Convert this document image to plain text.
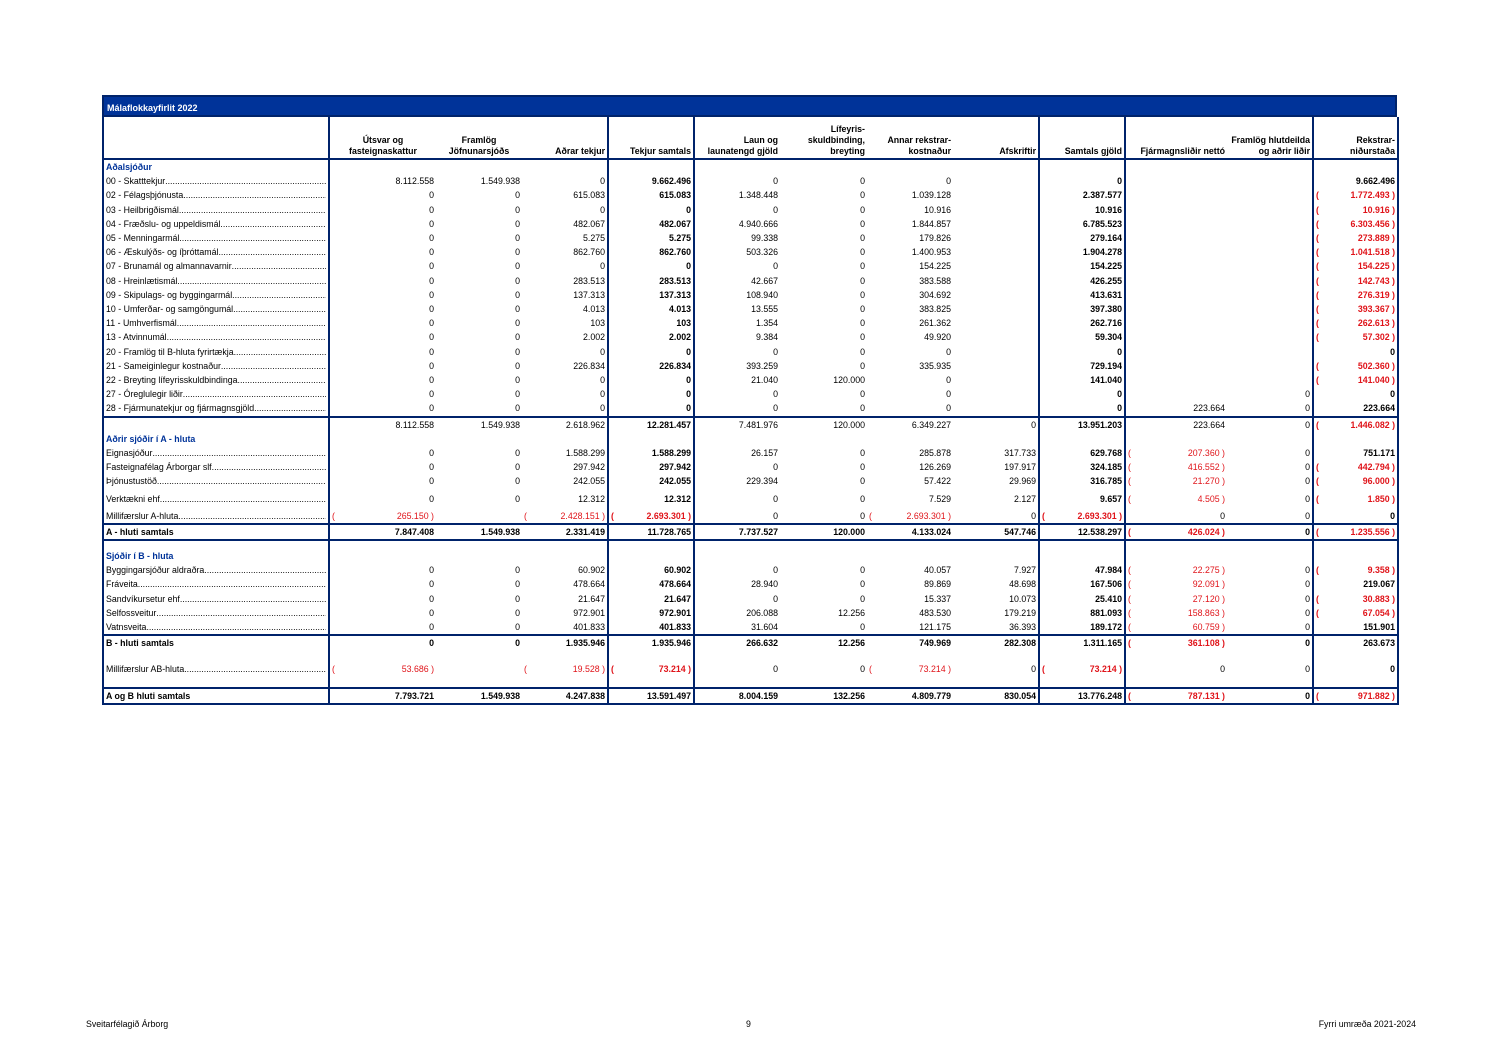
Málaflokkayfirlit 2022
	Útsvar og fasteignaskattur	Framlög Jöfnunarsjóðs	Aðrar tekjur	Tekjur samtals	Laun og launatengd gjöld	Lífeyris- skuldbinding, breyting	Annar rekstrar- kostnaður	Afskriftir	Samtals gjöld	Fjármagnsliðir nettó	Framlög hlutdeilda og aðrir liðir	Rekstrar- niðurstaða
Aðalsjóður												

00 - Skatttekjur
.....	8.112.558	1.549.938	0	9.662.496	0	0	0		0			9.662.496

02 - Félagsþjónusta
.....	0	0	615.083	615.083	1.348.448	0	1.039.128		2.387.577			( 1.772.493 )

03 - Heilbrigðismál
.....	0	0	0	0	0	0	10.916		10.916			( 10.916 )

04 - Fræðslu- og uppeldismál
.....	0	0	482.067	482.067	4.940.666	0	1.844.857		6.785.523			( 6.303.456 )

05 - Menningarmál
.....	0	0	5.275	5.275	99.338	0	179.826		279.164			( 273.889 )

06 - Æskulýðs- og íþróttamál
.....	0	0	862.760	862.760	503.326	0	1.400.953		1.904.278			( 1.041.518 )

07 - Brunamál og almannavarnir
.....	0	0	0	0	0	0	154.225		154.225			( 154.225 )

08 - Hreinlætismál
.....	0	0	283.513	283.513	42.667	0	383.588		426.255			( 142.743 )

09 - Skipulags- og byggingarmál
.....	0	0	137.313	137.313	108.940	0	304.692		413.631			( 276.319 )

10 - Umferðar- og samgöngumál
.....	0	0	4.013	4.013	13.555	0	383.825		397.380			( 393.367 )

11 - Umhverfismál
.....	0	0	103	103	1.354	0	261.362		262.716			( 262.613 )

13 - Atvinnumál
.....	0	0	2.002	2.002	9.384	0	49.920		59.304			( 57.302 )

20 - Framlög til B-hluta fyrirtækja
.....	0	0	0	0	0	0	0		0			0

21 - Sameiginlegur kostnaður
.....	0	0	226.834	226.834	393.259	0	335.935		729.194			( 502.360 )

22 - Breyting lífeyrisskuldbindinga
.....	0	0	0	0	21.040	120.000	0		141.040			( 141.040 )

27 - Óreglulegir liðir
.....	0	0	0	0	0	0	0		0		0	0

28 - Fjármunatekjur og fjármagnsgjöld
.....	0	0	0	0	0	0	0		0	223.664	0	223.664
	8.112.558	1.549.938	2.618.962	12.281.457	7.481.976	120.000	6.349.227	0	13.951.203	223.664	0	( 1.446.082 )

Aðrir sjóðir í A - hluta												

Eignasjóður
.....	0	0	1.588.299	1.588.299	26.157	0	285.878	317.733	629.768	( 207.360 )	0	751.171

Fasteignafélag Árborgar slf.
.....	0	0	297.942	297.942	0	0	126.269	197.917	324.185	( 416.552 )	0	( 442.794 )

Þjónustustöð
.....	0	0	242.055	242.055	229.394	0	57.422	29.969	316.785	( 21.270 )	0	( 96.000 )

Verktækni ehf
.....	0	0	12.312	12.312	0	0	7.529	2.127	9.657	( 4.505 )	0	( 1.850 )

Millifærslur A-hluta
.....	( 265.150 )		( 2.428.151 )	( 2.693.301 )	0	0	( 2.693.301 )	0	( 2.693.301 )	0	0	0
A - hluti samtals	7.847.408	1.549.938	2.331.419	11.728.765	7.737.527	120.000	4.133.024	547.746	12.538.297	( 426.024 )	0	( 1.235.556 )

Sjóðir í B - hluta												

Byggingarsjóður aldraðra
.....	0	0	60.902	60.902	0	0	40.057	7.927	47.984	( 22.275 )	0	( 9.358 )

Fráveita
.....	0	0	478.664	478.664	28.940	0	89.869	48.698	167.506	( 92.091 )	0	219.067

Sandvíkursetur ehf.
.....	0	0	21.647	21.647	0	0	15.337	10.073	25.410	( 27.120 )	0	( 30.883 )

Selfossveitur
.....	0	0	972.901	972.901	206.088	12.256	483.530	179.219	881.093	( 158.863 )	0	( 67.054 )

Vatnsveita
.....	0	0	401.833	401.833	31.604	0	121.175	36.393	189.172	( 60.759 )	0	151.901
B - hluti samtals	0	0	1.935.946	1.935.946	266.632	12.256	749.969	282.308	1.311.165	( 361.108 )	0	263.673

Millifærslur AB-hluta
.....	( 53.686 )		( 19.528 )	( 73.214 )	0	0	( 73.214 )	0	( 73.214 )	0	0	0

A og B hluti samtals	7.793.721	1.549.938	4.247.838	13.591.497	8.004.159	132.256	4.809.779	830.054	13.776.248	( 787.131 )	0	( 971.882 )
Sveitarfélagið Árborg	9	Fyrri umræða 2021-2024
